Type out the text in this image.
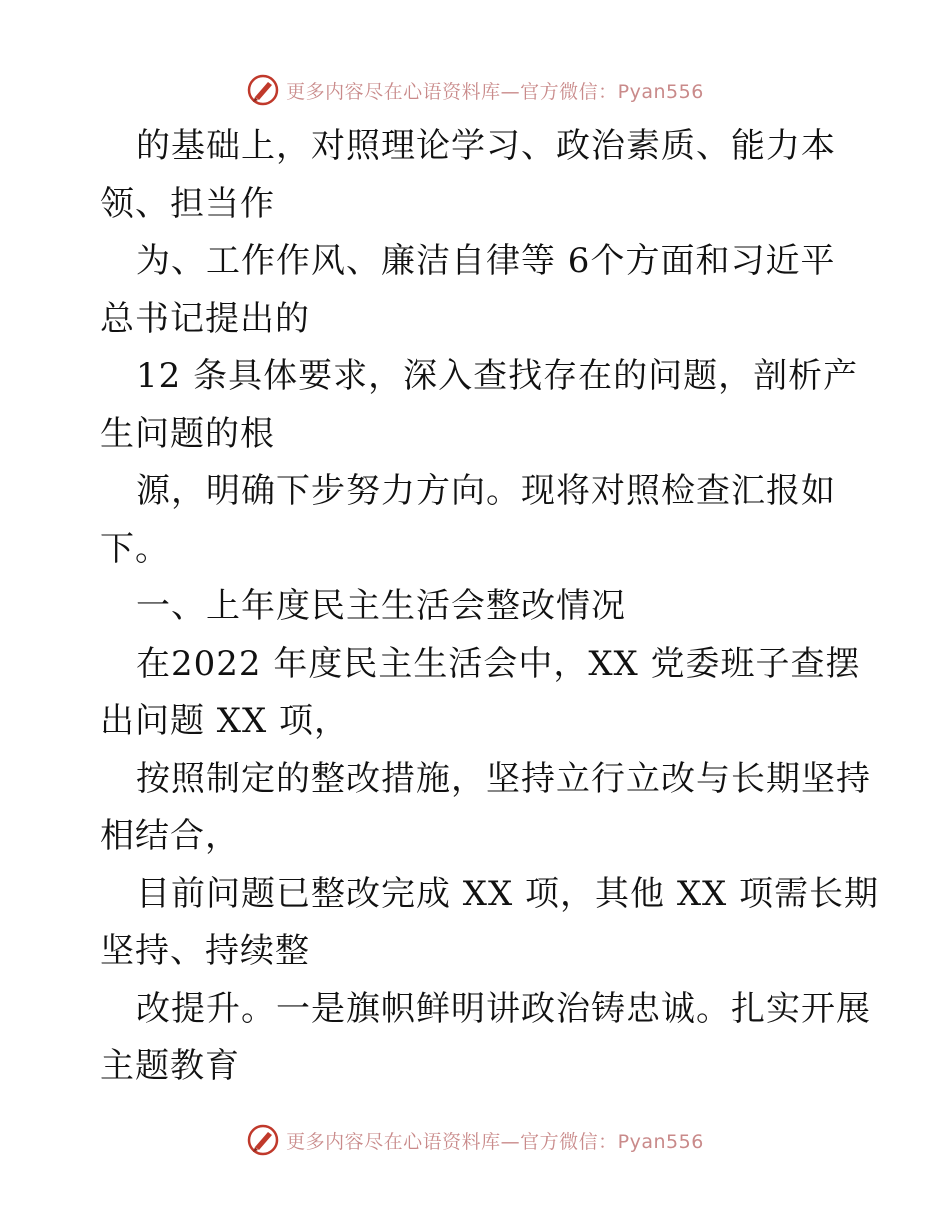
更多内容尽在心语资料库—官方微信：Pyan556

的基础上，对照理论学习、政治素质、能力本

领、担当作

为、工作作风、廉洁自律等 6个方面和习近平

总书记提出的

12 条具体要求，深入查找存在的问题，剖析产

生问题的根

源，明确下步努力方向。现将对照检查汇报如

下。

一、上年度民主生活会整改情况

在2022 年度民主生活会中，XX 党委班子查摆

出问题 XX 项，

按照制定的整改措施，坚持立行立改与长期坚持

相结合，

目前问题已整改完成 XX 项，其他 XX 项需长期

坚持、持续整

改提升。一是旗帜鲜明讲政治铸忠诚。扎实开展

主题教育

更多内容尽在心语资料库—官方微信：Pyan556
